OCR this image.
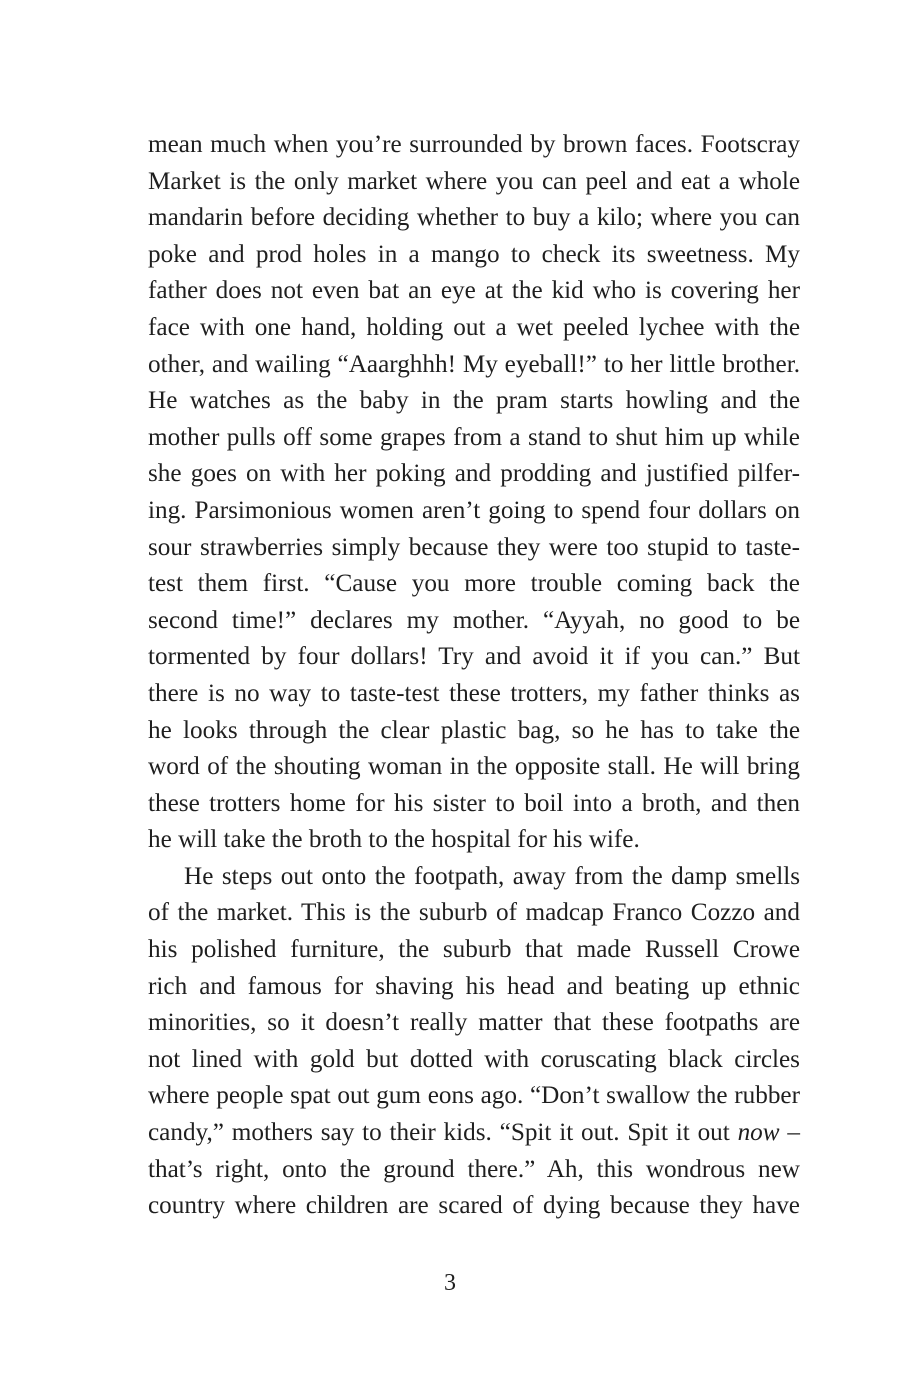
mean much when you’re surrounded by brown faces. Footscray
Market is the only market where you can peel and eat a whole
mandarin before deciding whether to buy a kilo; where you can
poke and prod holes in a mango to check its sweetness. My
father does not even bat an eye at the kid who is covering her
face with one hand, holding out a wet peeled lychee with the
other, and wailing “Aaarghhh! My eyeball!” to her little brother.
He watches as the baby in the pram starts howling and the
mother pulls off some grapes from a stand to shut him up while
she goes on with her poking and prodding and justified pilfer-
ing. Parsimonious women aren’t going to spend four dollars on
sour strawberries simply because they were too stupid to taste-
test them first. “Cause you more trouble coming back the
second time!” declares my mother. “Ayyah, no good to be
tormented by four dollars! Try and avoid it if you can.” But
there is no way to taste-test these trotters, my father thinks as
he looks through the clear plastic bag, so he has to take the
word of the shouting woman in the opposite stall. He will bring
these trotters home for his sister to boil into a broth, and then
he will take the broth to the hospital for his wife.
He steps out onto the footpath, away from the damp smells
of the market. This is the suburb of madcap Franco Cozzo and
his polished furniture, the suburb that made Russell Crowe
rich and famous for shaving his head and beating up ethnic
minorities, so it doesn’t really matter that these footpaths are
not lined with gold but dotted with coruscating black circles
where people spat out gum eons ago. “Don’t swallow the rubber
candy,” mothers say to their kids. “Spit it out. Spit it out now –
that’s right, onto the ground there.” Ah, this wondrous new
country where children are scared of dying because they have
3
